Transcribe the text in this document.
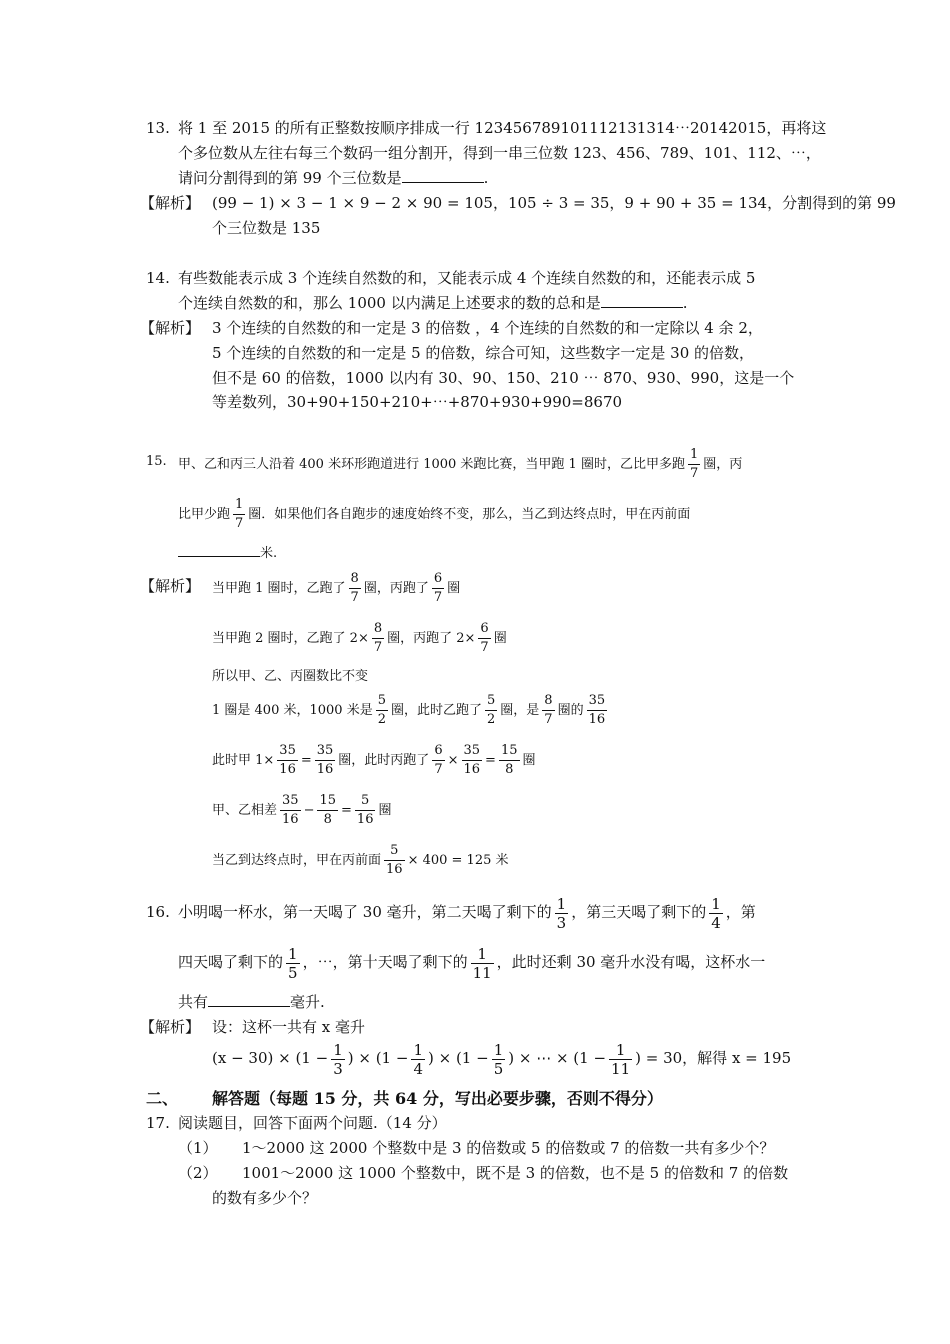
13. 将 1 至 2015 的所有正整数按顺序排成一行 123456789101112131314⋯20142015，再将这
个多位数从左往右每三个数码一组分割开，得到一串三位数 123、456、789、101、112、⋯，
请问分割得到的第 99 个三位数是	.
【解析】 (99 − 1) × 3 − 1 × 9 − 2 × 90 = 105，105 ÷ 3 = 35，9 + 90 + 35 = 134，分割得到的第 99
个三位数是 135
14. 有些数能表示成 3 个连续自然数的和，又能表示成 4 个连续自然数的和，还能表示成 5
个连续自然数的和，那么 1000 以内满足上述要求的数的总和是	.
【解析】 3 个连续的自然数的和一定是 3 的倍数 ，4 个连续的自然数的和一定除以 4 余 2，
5 个连续的自然数的和一定是 5 的倍数，综合可知，这些数字一定是 30 的倍数，
但不是 60 的倍数，1000 以内有 30、90、150、210 ⋯ 870、930、990，这是一个
等差数列，30+90+150+210+⋯+870+930+990=8670
15. 甲、乙和丙三人沿着 400 米环形跑道进行 1000 米跑比赛，当甲跑 1 圈时，乙比甲多跑 $\frac{1}{7}$ 圈，丙
比甲少跑 $\frac{1}{7}$ 圈．如果他们各自跑步的速度始终不变，那么，当乙到达终点时，甲在丙前面
米.
【解析】 当甲跑 1 圈时，乙跑了 $\frac{8}{7}$ 圈，丙跑了 $\frac{6}{7}$ 圈
当甲跑 2 圈时，乙跑了 $2\times \frac{8}{7}$ 圈，丙跑了 $2\times \frac{6}{7}$ 圈
所以甲、乙、丙圈数比不变
1 圈是 400 米，1000 米是 $\frac{5}{2}$ 圈，此时乙跑了 $\frac{5}{2}$ 圈，是 $\frac{8}{7}$ 圈的 $\frac{35}{16}$
此时甲 $1\times \frac{35}{16} = \frac{35}{16}$ 圈，此时丙跑了 $\frac{6}{7} \times \frac{35}{16} = \frac{15}{8}$ 圈
甲、乙相差 $\frac{35}{16} - \frac{15}{8} = \frac{5}{16}$ 圈
当乙到达终点时，甲在丙前面 $\frac{5}{16} \times 400 = 125$ 米
16. 小明喝一杯水，第一天喝了 30 毫升，第二天喝了剩下的 $\frac{1}{3}$ ，第三天喝了剩下的 $\frac{1}{4}$ ，第
四天喝了剩下的 $\frac{1}{5}$ ，⋯，第十天喝了剩下的 $\frac{1}{11}$ ，此时还剩 30 毫升水没有喝，这杯水一
共有	毫升.
【解析】 设：这杯一共有 x 毫升
$(x - 30) \times (1 - \frac{1}{3}$ ) × ($1 - \frac{1}{4}$ ) × ($1 - \frac{1}{5}$ ) × ⋯ × ($1 - \frac{1}{11}$ ) = 30，解得 x = 195
二、 解答题（每题 15 分，共 64 分，写出必要步骤，否则不得分）
17. 阅读题目，回答下面两个问题.（14 分）
（1） 1～2000 这 2000 个整数中是 3 的倍数或 5 的倍数或 7 的倍数一共有多少个？
（2） 1001～2000 这 1000 个整数中，既不是 3 的倍数，也不是 5 的倍数和 7 的倍数
的数有多少个？
